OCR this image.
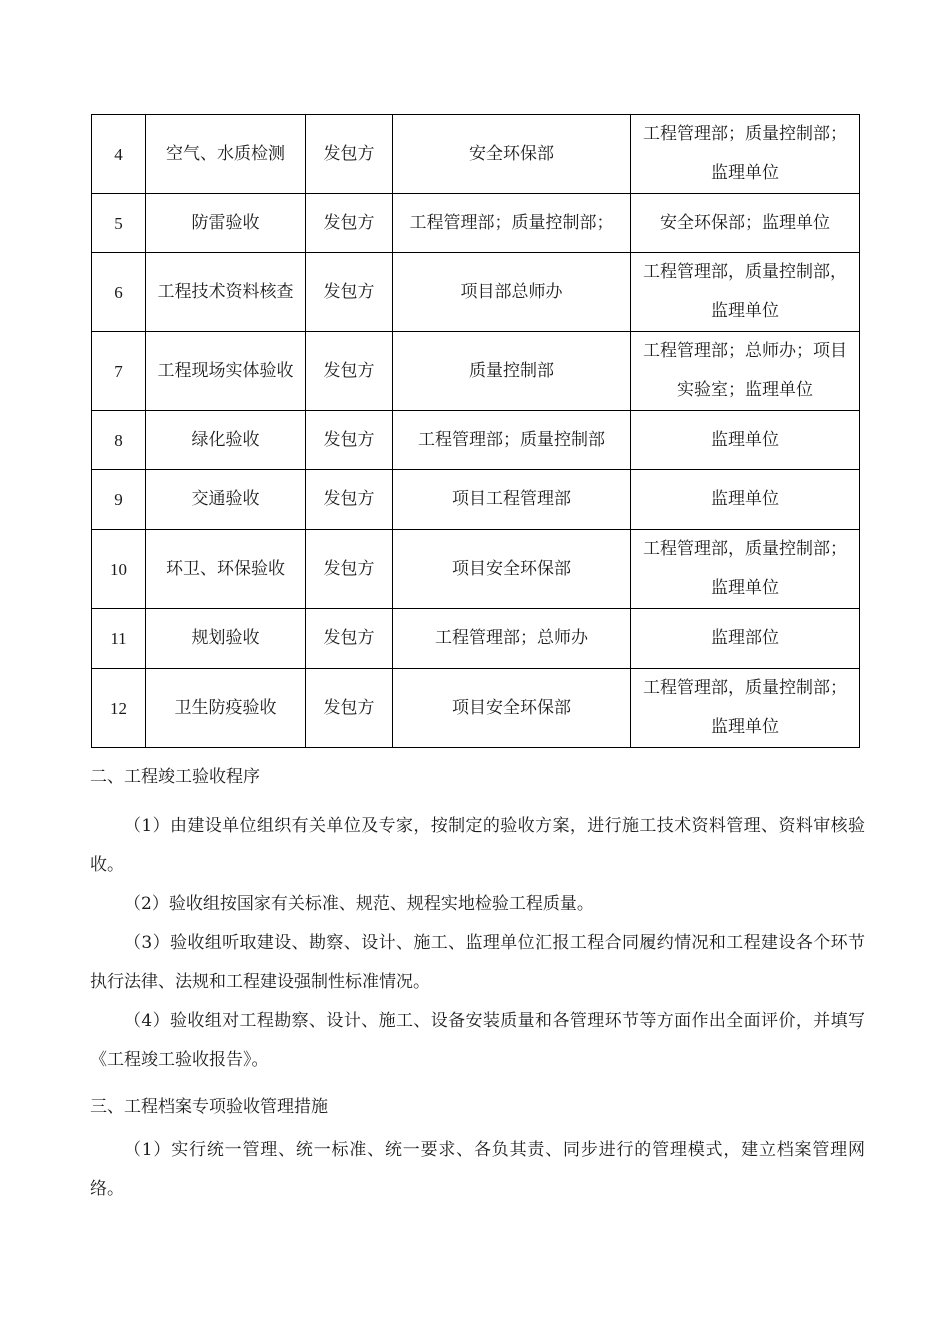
4	空气、水质检测	发包方	安全环保部	工程管理部；质量控制部；监理单位
5	防雷验收	发包方	工程管理部；质量控制部；	安全环保部；监理单位
6	工程技术资料核查	发包方	项目部总师办	工程管理部，质量控制部，监理单位
7	工程现场实体验收	发包方	质量控制部	工程管理部；总师办；项目实验室；监理单位
8	绿化验收	发包方	工程管理部；质量控制部	监理单位
9	交通验收	发包方	项目工程管理部	监理单位
10	环卫、环保验收	发包方	项目安全环保部	工程管理部，质量控制部；监理单位
11	规划验收	发包方	工程管理部；总师办	监理部位
12	卫生防疫验收	发包方	项目安全环保部	工程管理部，质量控制部；监理单位
二、工程竣工验收程序

（1）由建设单位组织有关单位及专家，按制定的验收方案，进行施工技术资料管理、资料审核验收。

（2）验收组按国家有关标准、规范、规程实地检验工程质量。

（3）验收组听取建设、勘察、设计、施工、监理单位汇报工程合同履约情况和工程建设各个环节执行法律、法规和工程建设强制性标准情况。

（4）验收组对工程勘察、设计、施工、设备安装质量和各管理环节等方面作出全面评价，并填写《工程竣工验收报告》。

三、工程档案专项验收管理措施

（1）实行统一管理、统一标准、统一要求、各负其责、同步进行的管理模式，建立档案管理网络。
